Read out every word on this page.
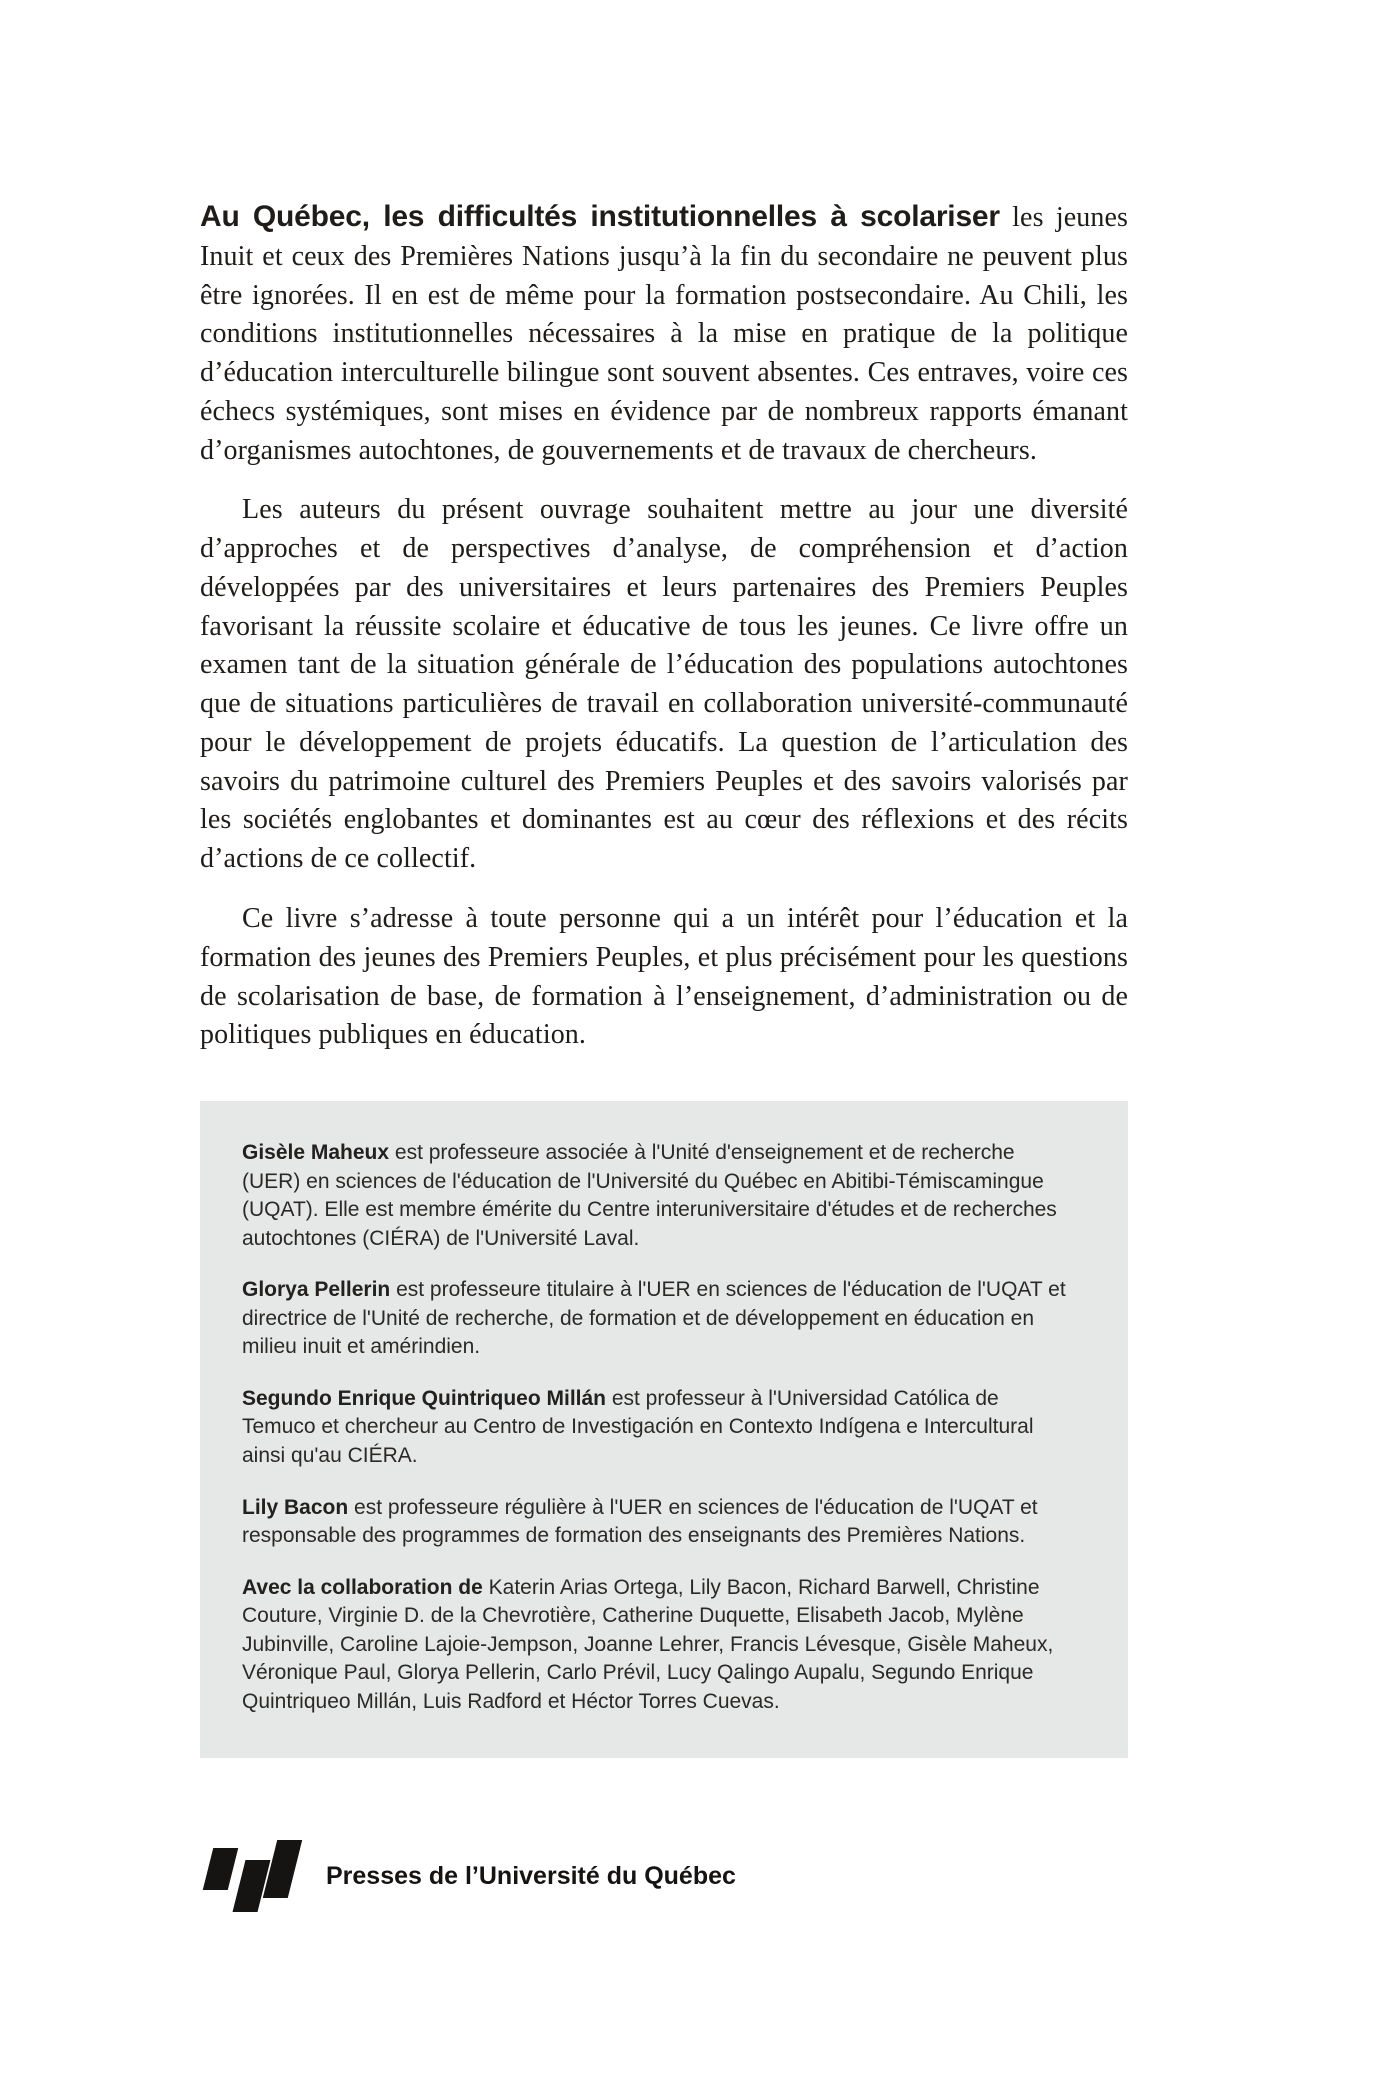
Au Québec, les difficultés institutionnelles à scolariser les jeunes Inuit et ceux des Premières Nations jusqu’à la fin du secondaire ne peuvent plus être ignorées. Il en est de même pour la formation postsecondaire. Au Chili, les conditions institutionnelles nécessaires à la mise en pratique de la politique d’éducation interculturelle bilingue sont souvent absentes. Ces entraves, voire ces échecs systémiques, sont mises en évidence par de nombreux rapports émanant d’organismes autochtones, de gouvernements et de travaux de chercheurs.

Les auteurs du présent ouvrage souhaitent mettre au jour une diversité d’approches et de perspectives d’analyse, de compréhension et d’action développées par des universitaires et leurs partenaires des Premiers Peuples favorisant la réussite scolaire et éducative de tous les jeunes. Ce livre offre un examen tant de la situation générale de l’éducation des populations autochtones que de situations particulières de travail en collaboration université-communauté pour le développement de projets éducatifs. La question de l’articulation des savoirs du patrimoine culturel des Premiers Peuples et des savoirs valorisés par les sociétés englobantes et dominantes est au cœur des réflexions et des récits d’actions de ce collectif.

Ce livre s’adresse à toute personne qui a un intérêt pour l’éducation et la formation des jeunes des Premiers Peuples, et plus précisément pour les questions de scolarisation de base, de formation à l’enseignement, d’administration ou de politiques publiques en éducation.

Gisèle Maheux est professeure associée à l'Unité d'enseignement et de recherche (UER) en sciences de l'éducation de l'Université du Québec en Abitibi-Témiscamingue (UQAT). Elle est membre émérite du Centre interuniversitaire d'études et de recherches autochtones (CIÉRA) de l'Université Laval.

Glorya Pellerin est professeure titulaire à l'UER en sciences de l'éducation de l'UQAT et directrice de l'Unité de recherche, de formation et de développement en éducation en milieu inuit et amérindien.

Segundo Enrique Quintriqueo Millán est professeur à l'Universidad Católica de Temuco et chercheur au Centro de Investigación en Contexto Indígena e Intercultural ainsi qu'au CIÉRA.

Lily Bacon est professeure régulière à l'UER en sciences de l'éducation de l'UQAT et responsable des programmes de formation des enseignants des Premières Nations.

Avec la collaboration de Katerin Arias Ortega, Lily Bacon, Richard Barwell, Christine Couture, Virginie D. de la Chevrotière, Catherine Duquette, Elisabeth Jacob, Mylène Jubinville, Caroline Lajoie-Jempson, Joanne Lehrer, Francis Lévesque, Gisèle Maheux, Véronique Paul, Glorya Pellerin, Carlo Prévil, Lucy Qalingo Aupalu, Segundo Enrique Quintriqueo Millán, Luis Radford et Héctor Torres Cuevas.

Presses de l’Université du Québec
